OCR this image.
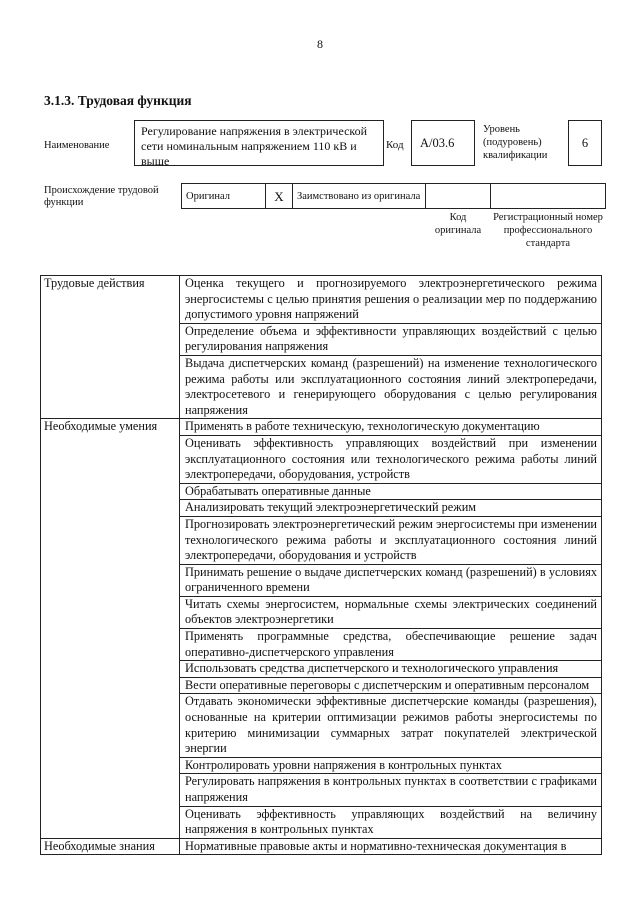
8
3.1.3. Трудовая функция
Наименование
Регулирование напряжения в электрической сети номинальным напряжением 110 кВ и выше
Код А/03.6
Уровень (подуровень) квалификации
6
Происхождение трудовой функции
Оригинал	X	Заимствовано из оригинала		

			Код оригинала	Регистрационный номер профессионального стандарта
Трудовые действия	Оценка текущего и прогнозируемого электроэнергетического режима энергосистемы с целью принятия решения о реализации мер по поддержанию допустимого уровня напряжений
	Определение объема и эффективности управляющих воздействий с целью регулирования напряжения
	Выдача диспетчерских команд (разрешений) на изменение технологического режима работы или эксплуатационного состояния линий электропередачи, электросетевого и генерирующего оборудования с целью регулирования напряжения
Необходимые умения	Применять в работе техническую, технологическую документацию
	Оценивать эффективность управляющих воздействий при изменении эксплуатационного состояния или технологического режима работы линий электропередачи, оборудования, устройств
	Обрабатывать оперативные данные
	Анализировать текущий электроэнергетический режим
	Прогнозировать электроэнергетический режим энергосистемы при изменении технологического режима работы и эксплуатационного состояния линий электропередачи, оборудования и устройств
	Принимать решение о выдаче диспетчерских команд (разрешений) в условиях ограниченного времени
	Читать схемы энергосистем, нормальные схемы электрических соединений объектов электроэнергетики
	Применять программные средства, обеспечивающие решение задач оперативно-диспетчерского управления
	Использовать средства диспетчерского и технологического управления
	Вести оперативные переговоры с диспетчерским и оперативным персоналом
	Отдавать экономически эффективные диспетчерские команды (разрешения), основанные на критерии оптимизации режимов работы энергосистемы по критерию минимизации суммарных затрат покупателей электрической энергии
	Контролировать уровни напряжения в контрольных пунктах
	Регулировать напряжения в контрольных пунктах в соответствии с графиками напряжения
	Оценивать эффективность управляющих воздействий на величину напряжения в контрольных пунктах
Необходимые знания	Нормативные правовые акты и нормативно-техническая документация в
